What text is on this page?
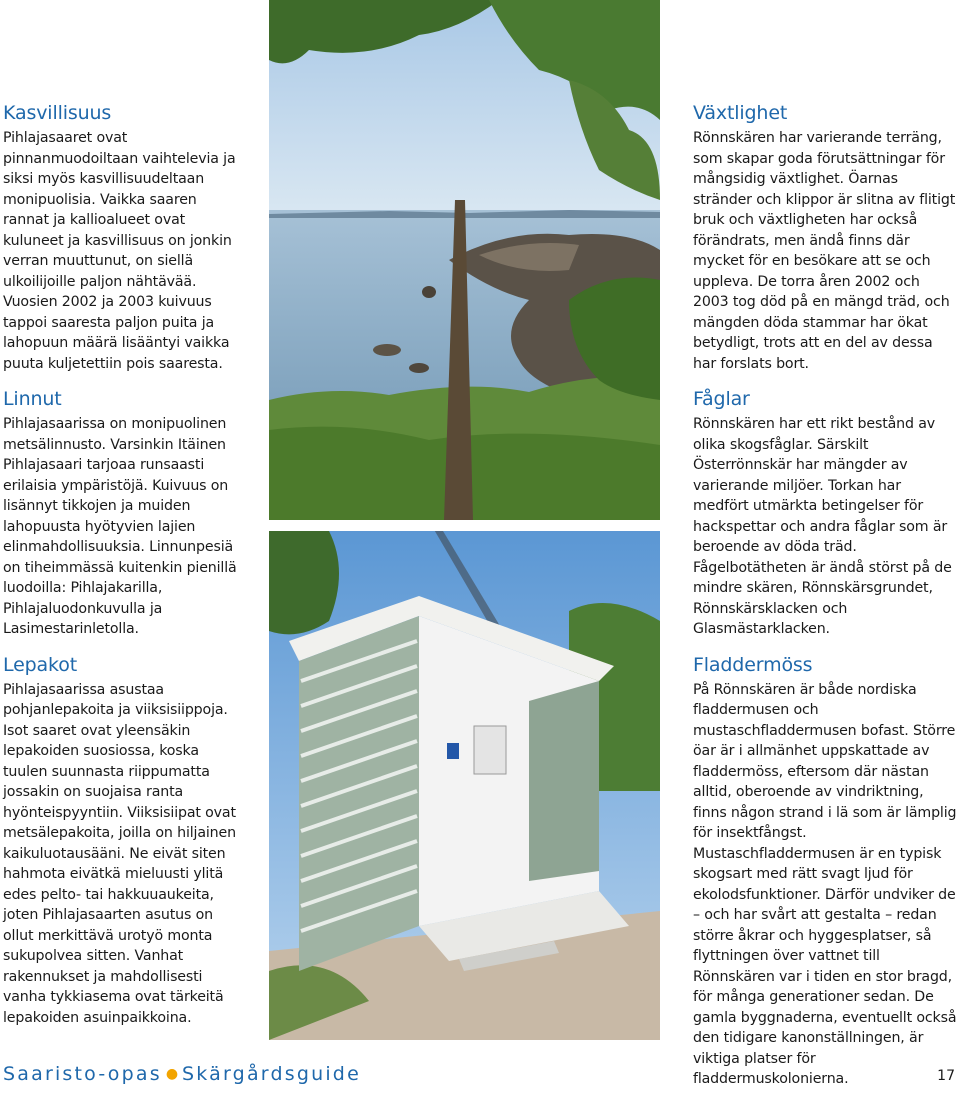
Kasvillisuus

Pihlajasaaret ovat pinnanmuodoiltaan vaihtelevia ja siksi myös kasvillisuudeltaan monipuolisia. Vaikka saaren rannat ja kallioalueet ovat kuluneet ja kasvillisuus on jonkin verran muuttunut, on siellä ulkoilijoille paljon nähtävää. Vuosien 2002 ja 2003 kuivuus tappoi saaresta paljon puita ja lahopuun määrä lisääntyi vaikka puuta kuljetettiin pois saaresta.

Linnut

Pihlajasaarissa on monipuolinen metsälinnusto. Varsinkin Itäinen Pihlajasaari tarjoaa runsaasti erilaisia ympäristöjä. Kuivuus on lisännyt tikkojen ja muiden lahopuusta hyötyvien lajien elinmahdollisuuksia. Linnunpesiä on tiheimmässä kuitenkin pienillä luodoilla: Pihlajakarilla, Pihlajaluodonkuvulla ja Lasimestarinletolla.

Lepakot

Pihlajasaarissa asustaa pohjanlepakoita ja viiksisiippoja. Isot saaret ovat yleensäkin lepakoiden suosiossa, koska tuulen suunnasta riippumatta jossakin on suojaisa ranta hyönteispyyntiin. Viiksisiipat ovat metsälepakoita, joilla on hiljainen kaikuluotausääni. Ne eivät siten hahmota eivätkä mieluusti ylitä edes pelto- tai hakkuuaukeita, joten Pihlajasaarten asutus on ollut merkittävä urotyö monta sukupolvea sitten. Vanhat rakennukset ja mahdollisesti vanha tykkiasema ovat tärkeitä lepakoiden asuinpaikkoina.

Växtlighet

Rönnskären har varierande terräng, som skapar goda förutsättningar för mångsidig växtlighet. Öarnas stränder och klippor är slitna av flitigt bruk och växtligheten har också förändrats, men ändå finns där mycket för en besökare att se och uppleva. De torra åren 2002 och 2003 tog död på en mängd träd, och mängden döda stammar har ökat betydligt, trots att en del av dessa har forslats bort.

Fåglar

Rönnskären har ett rikt bestånd av olika skogsfåglar. Särskilt Österrönnskär har mängder av varierande miljöer. Torkan har medfört utmärkta betingelser för hackspettar och andra fåglar som är beroende av döda träd. Fågelbotätheten är ändå störst på de mindre skären, Rönnskärsgrundet, Rönnskärsklacken och Glasmästarklacken.

Fladdermöss

På Rönnskären är både nordiska fladdermusen och mustaschfladdermusen bofast. Större öar är i allmänhet uppskattade av fladdermöss, eftersom där nästan alltid, oberoende av vindriktning, finns någon strand i lä som är lämplig för insektfångst. Mustaschfladdermusen är en typisk skogsart med rätt svagt ljud för ekolodsfunktioner. Därför undviker de – och har svårt att gestalta – redan större åkrar och hyggesplatser, så flyttningen över vattnet till Rönnskären var i tiden en stor bragd, för många generationer sedan. De gamla byggnaderna, eventuellt också den tidigare kanonställningen, är viktiga platser för fladdermuskolonierna.

Saaristo-opas ● Skärgårdsguide	17
